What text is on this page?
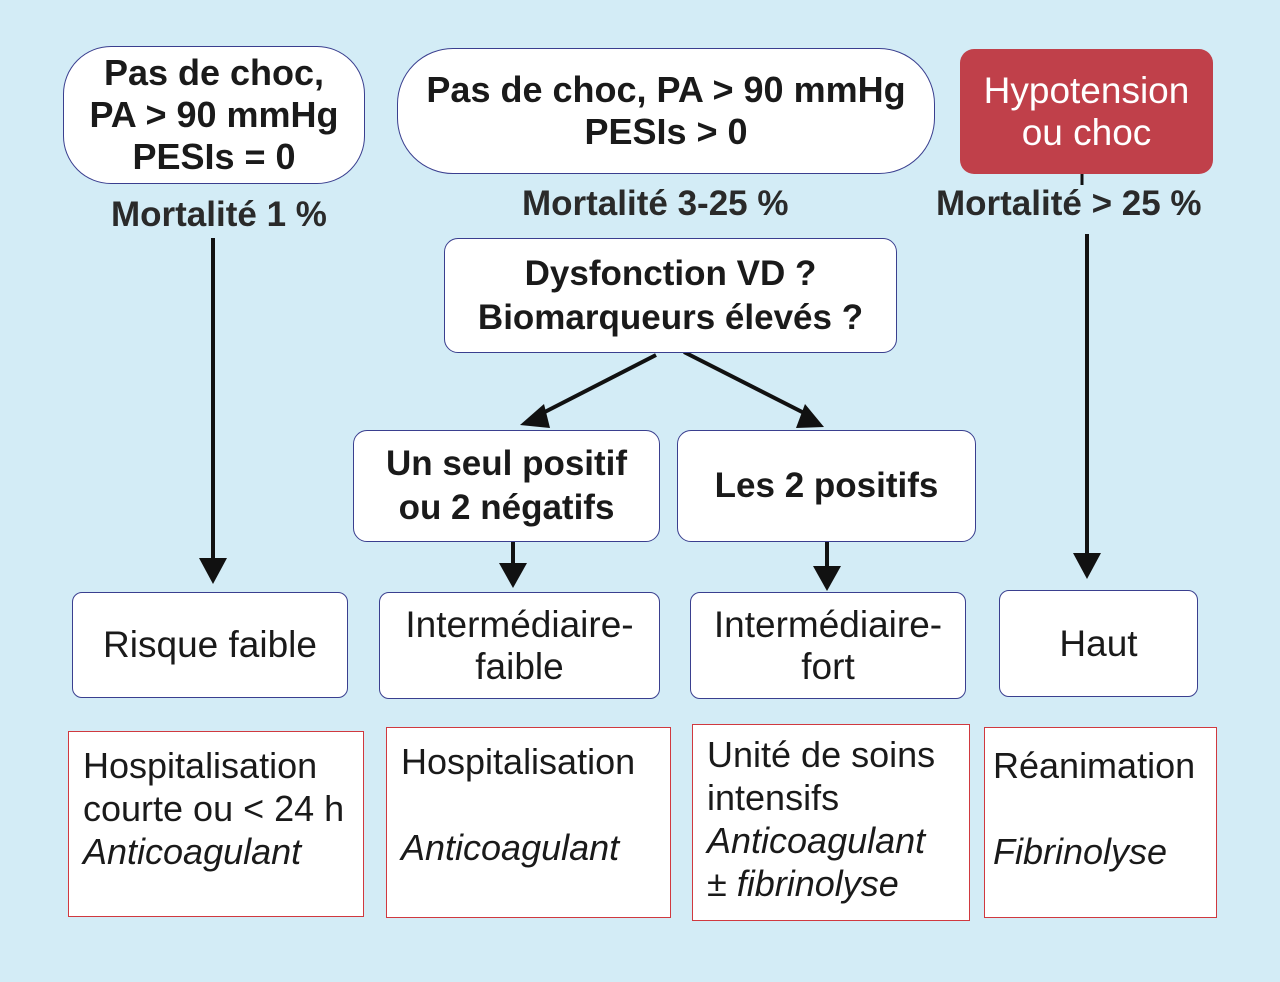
Pas de choc,
PA > 90 mmHg
PESIs = 0
Pas de choc, PA > 90 mmHg
PESIs > 0
Hypotension
ou choc
Mortalité 1 %	Mortalité 3-25 %	Mortalité > 25 %
Dysfonction VD ?
Biomarqueurs élevés ?
Un seul positif
ou 2 négatifs
Les 2 positifs
Risque faible Intermédiaire-
faible
Intermédiaire-
fort
Haut
Hospitalisation
courte ou < 24 h
Anticoagulant
Hospitalisation
Anticoagulant
Unité de soins
intensifs
Anticoagulant
± fibrinolyse
Réanimation
Fibrinolyse
